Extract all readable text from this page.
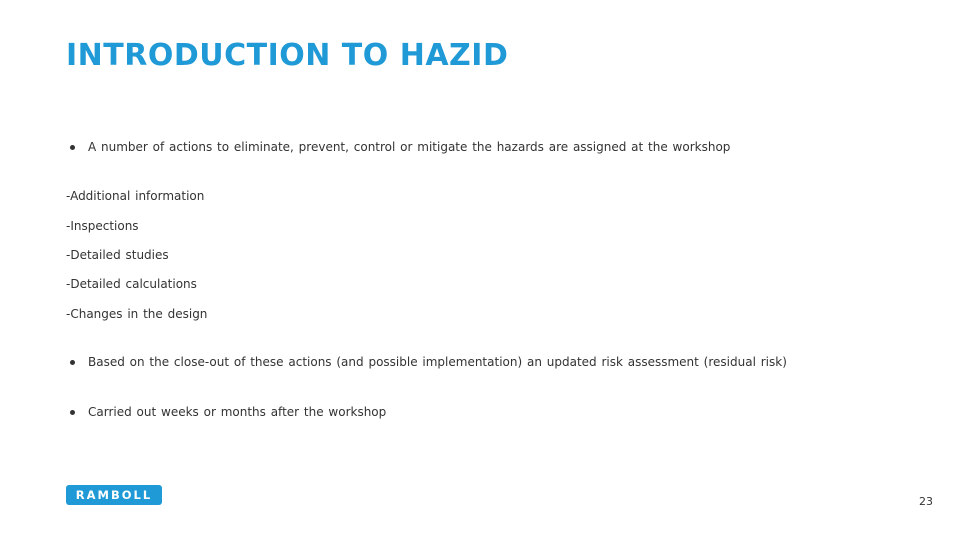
INTRODUCTION TO HAZID
A number of actions to eliminate, prevent, control or mitigate the hazards are assigned at the workshop
-Additional information
-Inspections
-Detailed studies
-Detailed calculations
-Changes in the design
Based on the close-out of these actions (and possible implementation) an updated risk assessment (residual risk)
Carried out weeks or months after the workshop
RAMBOLL	23
